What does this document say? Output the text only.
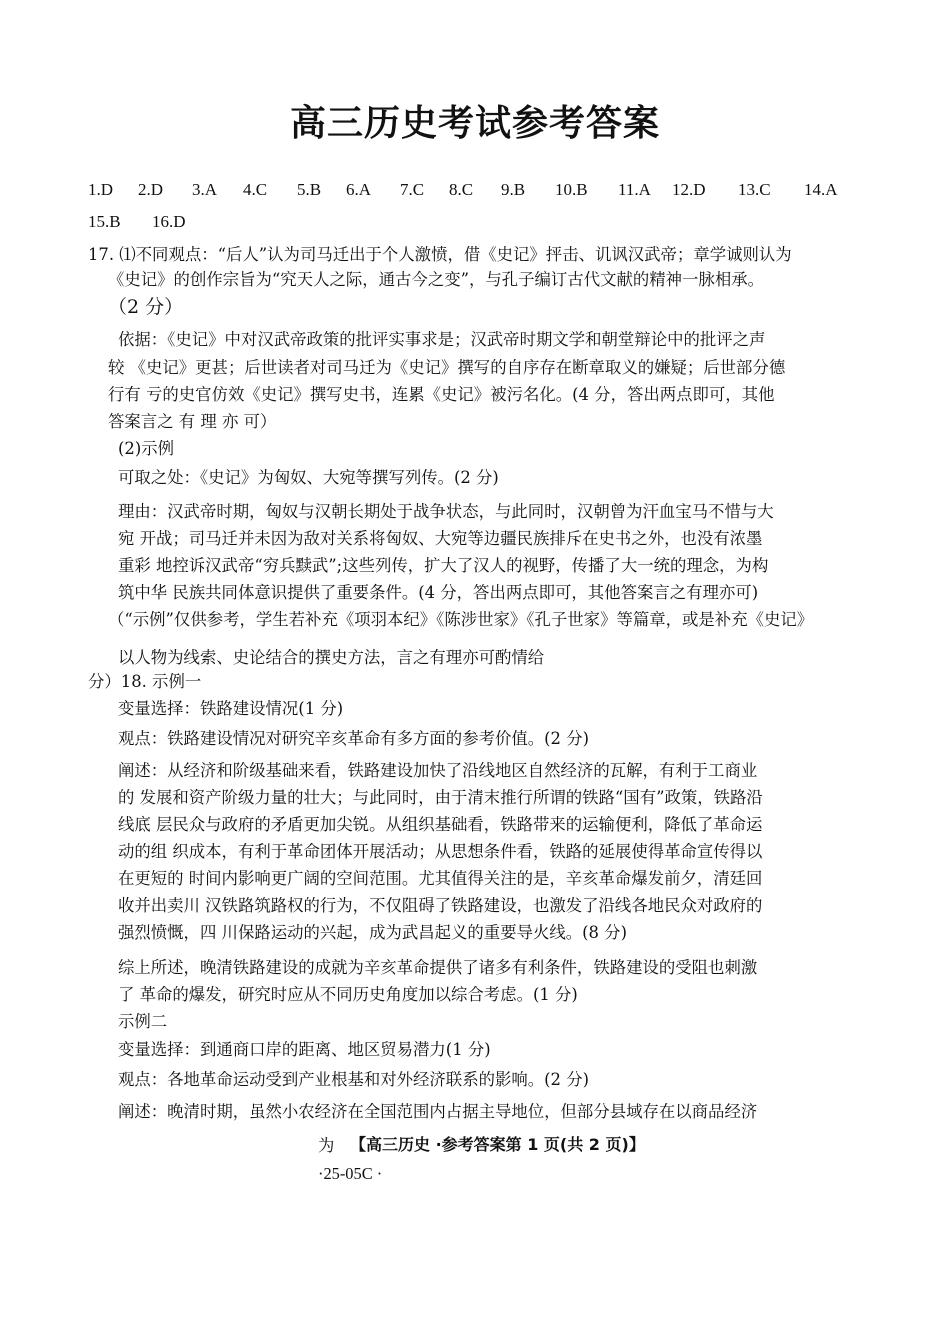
高三历史考试参考答案
1.D 2.D 3.A 4.C 5.B 6.A 7.C 8.C 9.B 10.B 11.A 12.D 13.C 14.A
15.B 16.D
17. ⑴不同观点：“后人”认为司马迁出于个人激愤，借《史记》抨击、讥讽汉武帝；章学诚则认为
《史记》的创作宗旨为“究天人之际，通古今之变”，与孔子编订古代文献的精神一脉相承。
（2 分）
依据：《史记》中对汉武帝政策的批评实事求是；汉武帝时期文学和朝堂辩论中的批评之声
较 《史记》更甚；后世读者对司马迁为《史记》撰写的自序存在断章取义的嫌疑；后世部分德
行有 亏的史官仿效《史记》撰写史书，连累《史记》被污名化。(4 分，答出两点即可，其他
答案言之 有 理 亦 可）
(2)示例
可取之处：《史记》为匈奴、大宛等撰写列传。(2 分)
理由：汉武帝时期，匈奴与汉朝长期处于战争状态，与此同时，汉朝曾为汗血宝马不惜与大
宛 开战；司马迁并未因为敌对关系将匈奴、大宛等边疆民族排斥在史书之外，也没有浓墨
重彩 地控诉汉武帝“穷兵黩武”;这些列传，扩大了汉人的视野，传播了大一统的理念，为构
筑中华 民族共同体意识提供了重要条件。(4 分，答出两点即可，其他答案言之有理亦可)
（“示例”仅供参考，学生若补充《项羽本纪》《陈涉世家》《孔子世家》等篇章，或是补充《史记》
以人物为线索、史论结合的撰史方法，言之有理亦可酌情给
分）18. 示例一
变量选择：铁路建设情况(1 分)
观点：铁路建设情况对研究辛亥革命有多方面的参考价值。(2 分)
阐述：从经济和阶级基础来看，铁路建设加快了沿线地区自然经济的瓦解，有利于工商业
的 发展和资产阶级力量的壮大；与此同时，由于清末推行所谓的铁路“国有”政策，铁路沿
线底 层民众与政府的矛盾更加尖锐。从组织基础看，铁路带来的运输便利，降低了革命运
动的组 织成本，有利于革命团体开展活动；从思想条件看，铁路的延展使得革命宣传得以
在更短的 时间内影响更广阔的空间范围。尤其值得关注的是，辛亥革命爆发前夕，清廷回
收并出卖川 汉铁路筑路权的行为，不仅阻碍了铁路建设，也激发了沿线各地民众对政府的
强烈愤慨，四 川保路运动的兴起，成为武昌起义的重要导火线。(8 分)
综上所述，晚清铁路建设的成就为辛亥革命提供了诸多有利条件，铁路建设的受阻也刺激
了 革命的爆发，研究时应从不同历史角度加以综合考虑。(1 分)
示例二
变量选择：到通商口岸的距离、地区贸易潜力(1 分)
观点：各地革命运动受到产业根基和对外经济联系的影响。(2 分)
阐述：晚清时期，虽然小农经济在全国范围内占据主导地位，但部分县域存在以商品经济
为 【高三历史 ·参考答案第 1 页(共 2 页)】
·25-05C ·
